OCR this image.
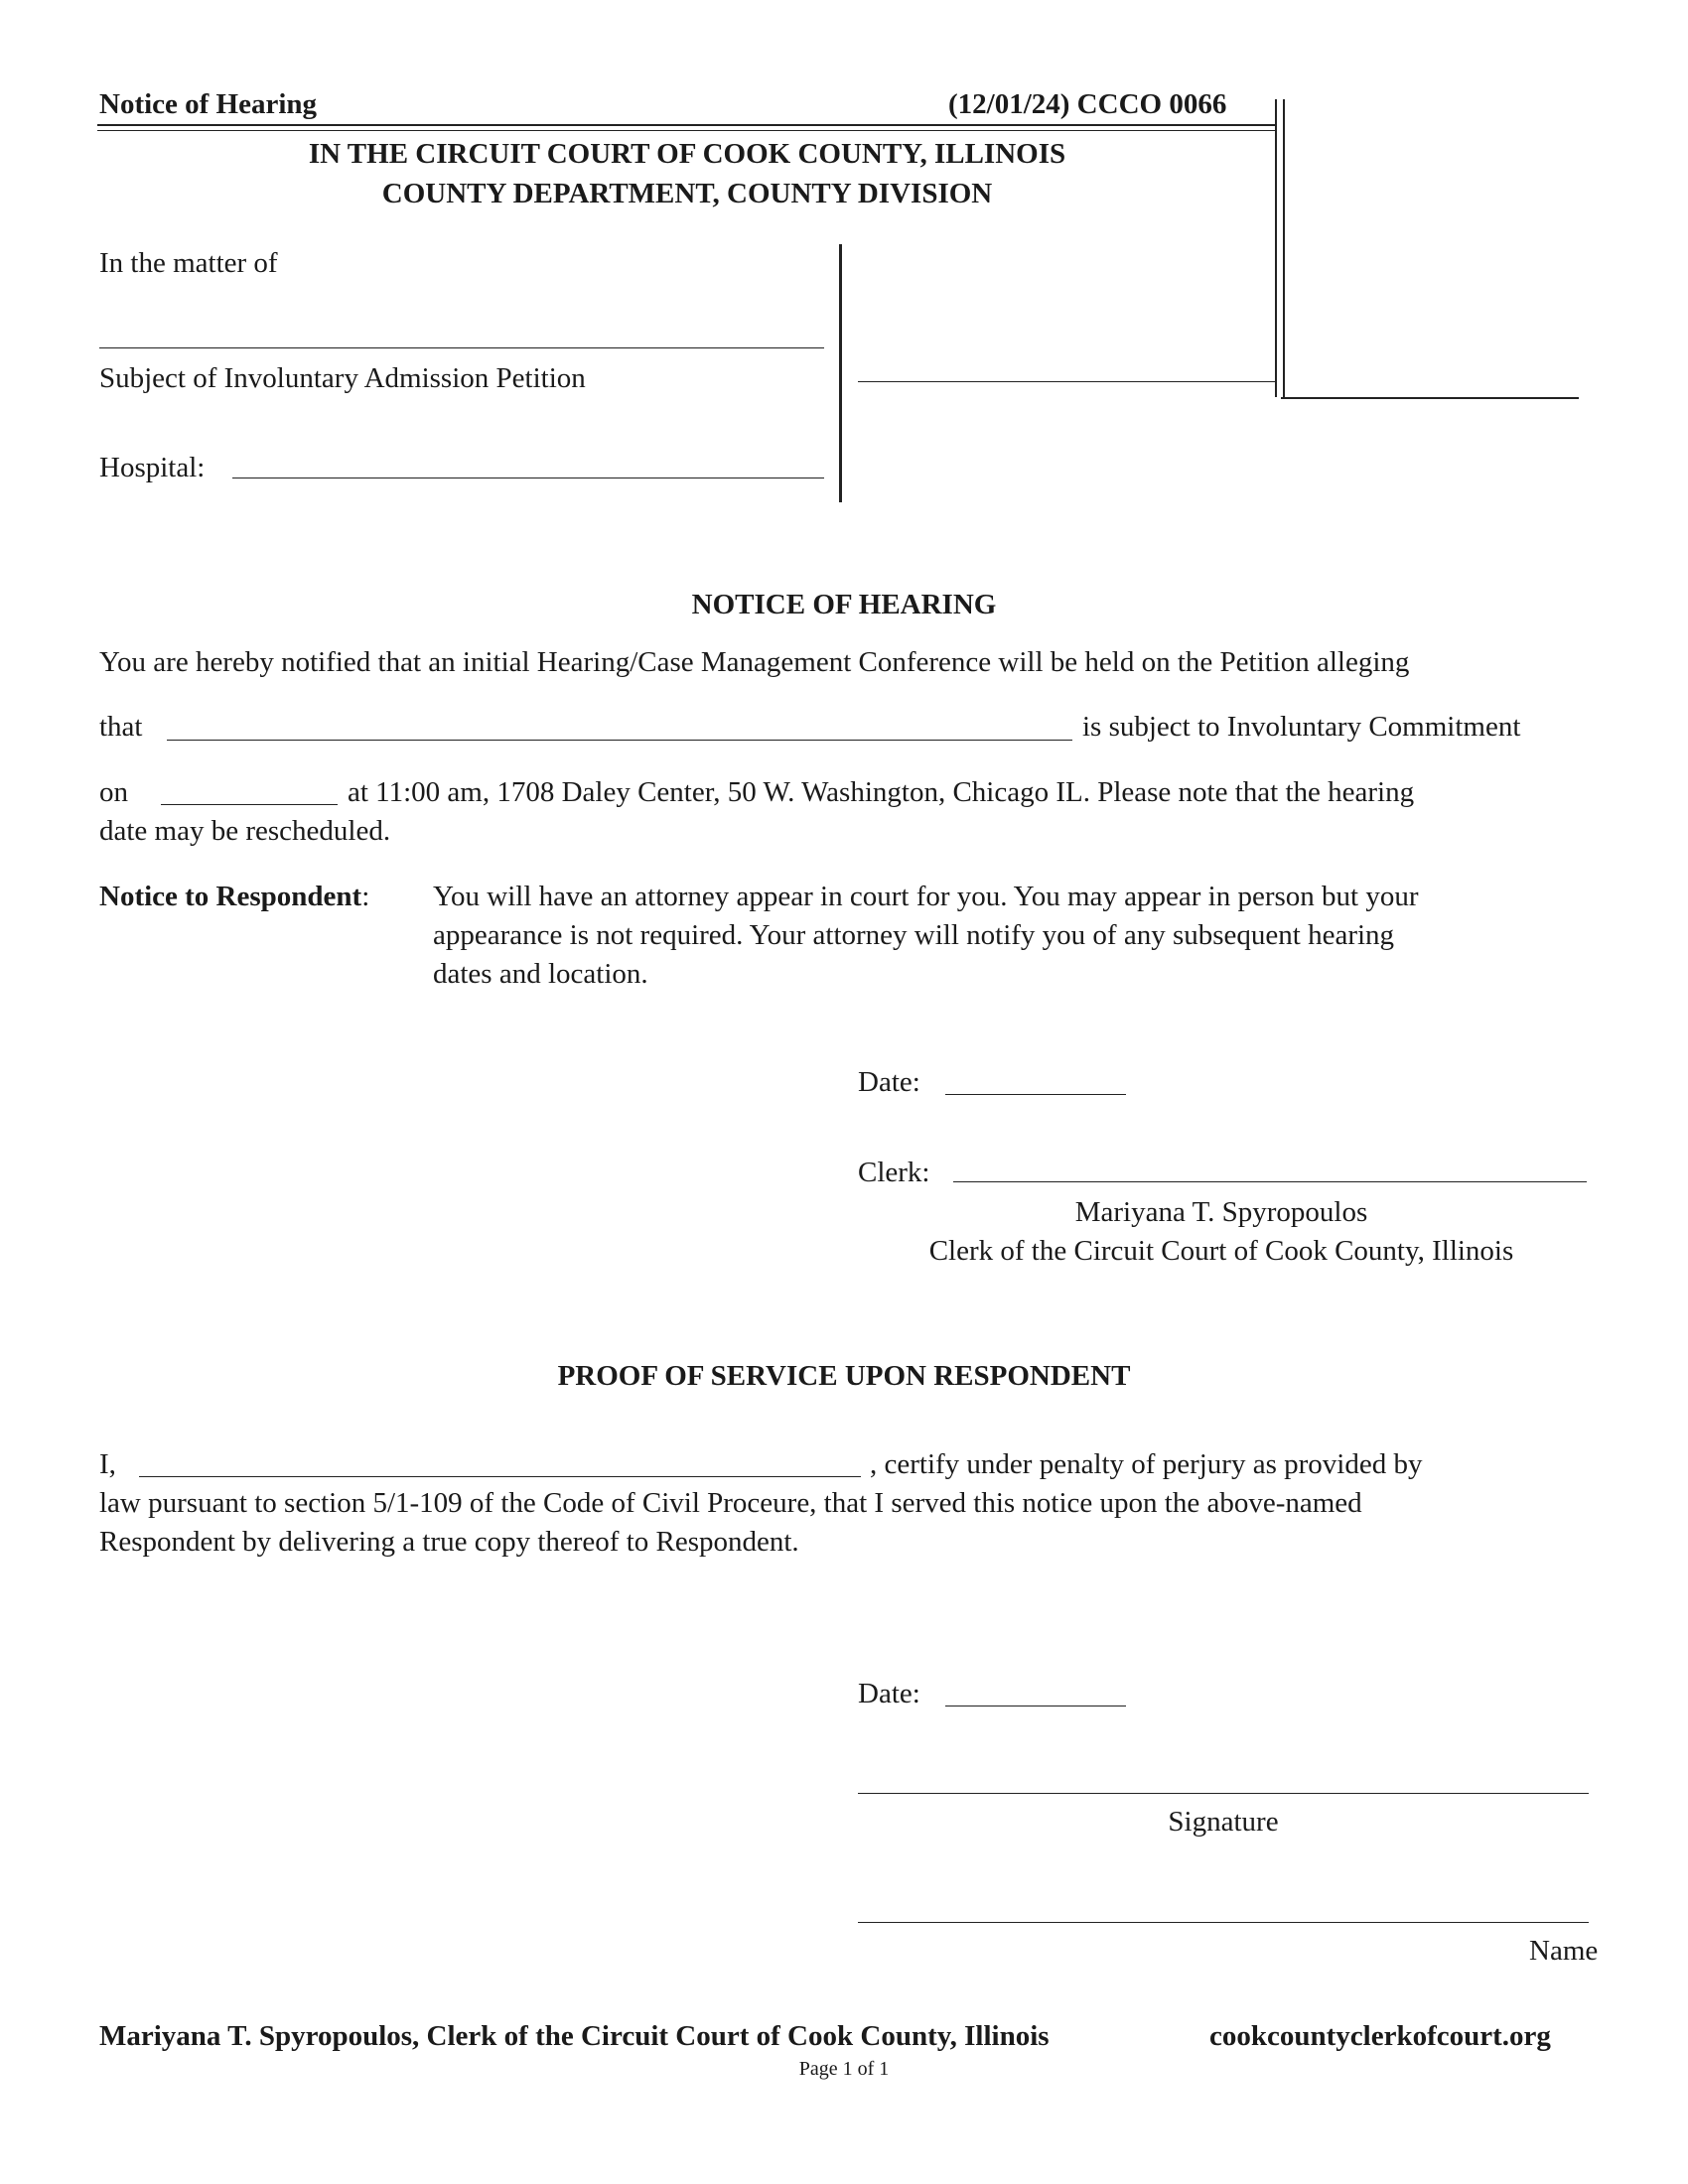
Notice of Hearing	(12/01/24) CCCO 0066
IN THE CIRCUIT COURT OF COOK COUNTY, ILLINOIS
COUNTY DEPARTMENT, COUNTY DIVISION
In the matter of
Subject of Involuntary Admission Petition
Hospital:
NOTICE OF HEARING
You are hereby notified that an initial Hearing/Case Management Conference will be held on the Petition alleging
that	is subject to Involuntary Commitment
on	at 11:00 am, 1708 Daley Center, 50 W. Washington, Chicago IL. Please note that the hearing
date may be rescheduled.
Notice to Respondent: You will have an attorney appear in court for you. You may appear in person but your
appearance is not required. Your attorney will notify you of any subsequent hearing
dates and location.
Date:
Clerk:
Mariyana T. Spyropoulos
Clerk of the Circuit Court of Cook County, Illinois
PROOF OF SERVICE UPON RESPONDENT
I,	, certify under penalty of perjury as provided by
law pursuant to section 5/1-109 of the Code of Civil Proceure, that I served this notice upon the above-named
Respondent by delivering a true copy thereof to Respondent.
Date:
Signature
Name
Mariyana T. Spyropoulos, Clerk of the Circuit Court of Cook County, Illinois	cookcountyclerkofcourt.org
Page 1 of 1
